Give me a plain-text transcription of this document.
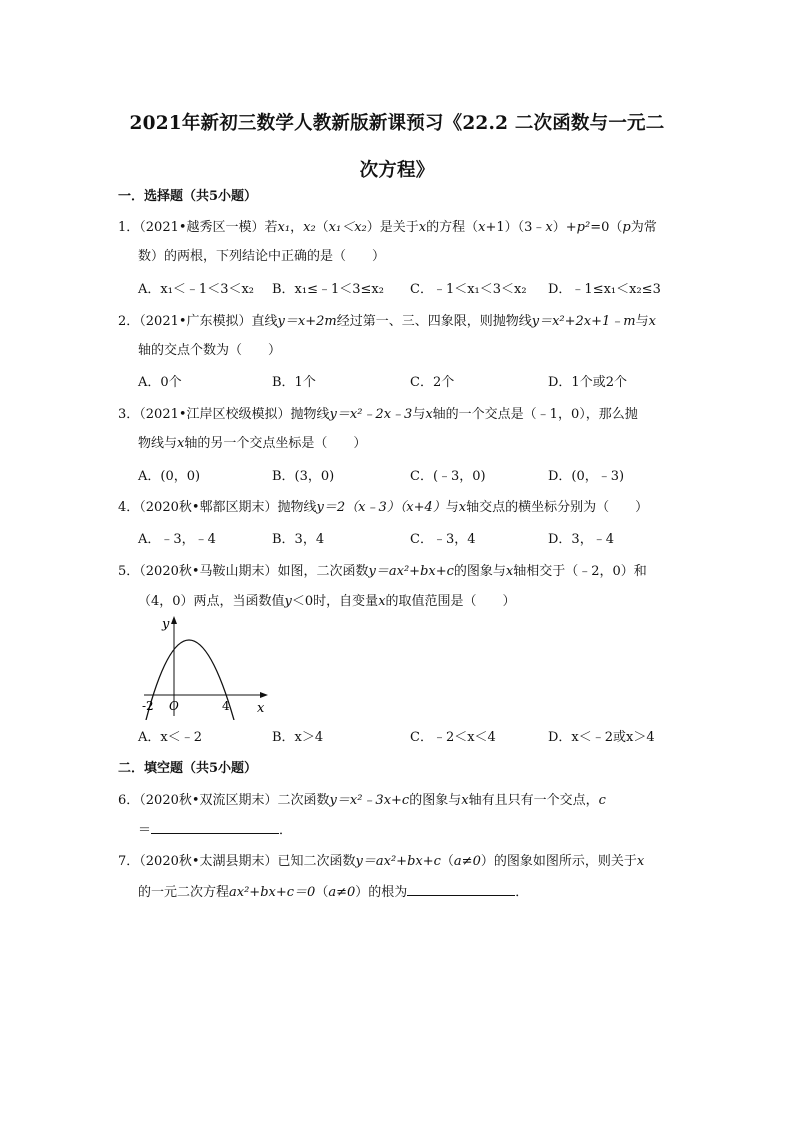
2021年新初三数学人教新版新课预习《22.2 二次函数与一元二
次方程》
一．选择题（共5小题）
1．（2021•越秀区一模）若x₁，x₂（x₁＜x₂）是关于x的方程（x+1）（3﹣x）+p²=0（p为常
数）的两根，下列结论中正确的是（　　）
A．x₁＜﹣1＜3＜x₂ B．x₁≤﹣1＜3≤x₂ C．﹣1＜x₁＜3＜x₂ D．﹣1≤x₁＜x₂≤3
2．（2021•广东模拟）直线y＝x+2m经过第一、三、四象限，则抛物线y＝x²+2x+1﹣m与x
轴的交点个数为（　　）
A．0个	B．1个	C．2个	D．1个或2个
3．（2021•江岸区校级模拟）抛物线y＝x²﹣2x﹣3与x轴的一个交点是（﹣1，0），那么抛
物线与x轴的另一个交点坐标是（　　）
A．(0，0)	B．(3，0)	C．(﹣3，0)	D．(0，﹣3)
4．（2020秋•郫都区期末）抛物线y＝2（x﹣3）（x+4）与x轴交点的横坐标分别为（　　）
A．﹣3，﹣4	B．3，4	C．﹣3，4	D．3，﹣4
5．（2020秋•马鞍山期末）如图，二次函数y＝ax²+bx+c的图象与x轴相交于（﹣2，0）和
（4，0）两点，当函数值y＜0时，自变量x的取值范围是（　　）
y
x
O
-2	4
A．x＜﹣2	B．x＞4	C．﹣2＜x＜4	D．x＜﹣2或x＞4
二．填空题（共5小题）
6．（2020秋•双流区期末）二次函数y＝x²﹣3x+c的图象与x轴有且只有一个交点，c
＝	．
7．（2020秋•太湖县期末）已知二次函数y＝ax²+bx+c（a≠0）的图象如图所示，则关于x
的一元二次方程ax²+bx+c＝0（a≠0）的根为	．
